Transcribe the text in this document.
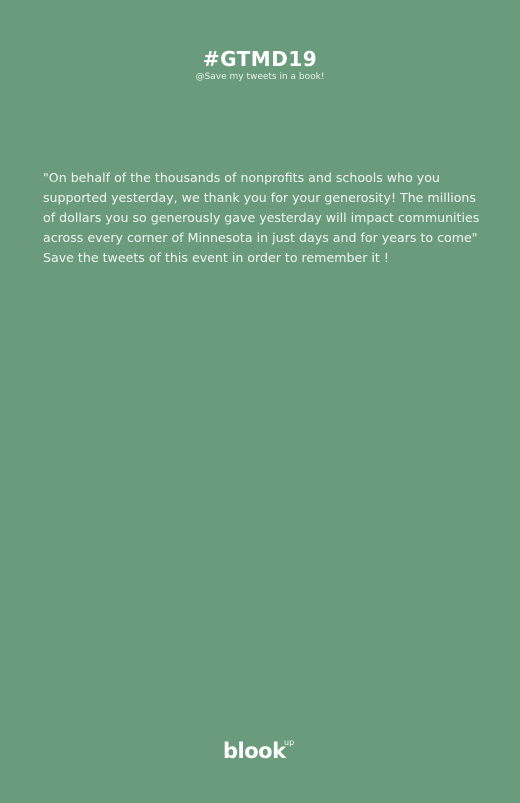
#GTMD19
@Save my tweets in a book!
"On behalf of the thousands of nonprofits and schools who you supported yesterday, we thank you for your generosity! The millions of dollars you so generously gave yesterday will impact communities across every corner of Minnesota in just days and for years to come" Save the tweets of this event in order to remember it !
blook
up
